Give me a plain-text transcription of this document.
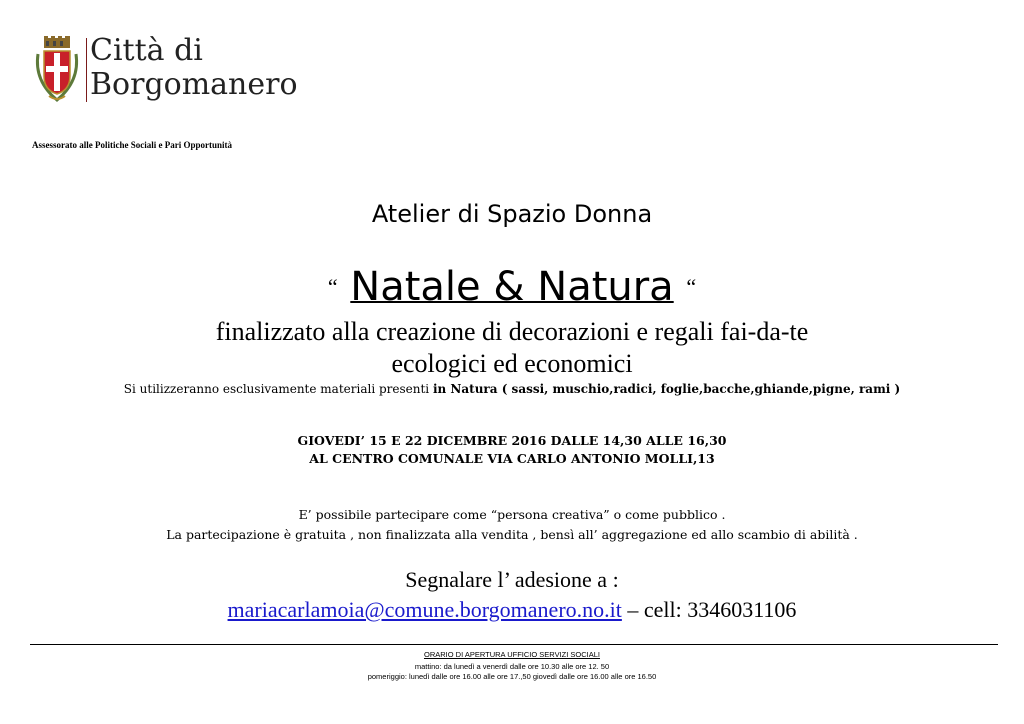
Città di
Borgomanero
Assessorato alle Politiche Sociali e Pari Opportunità
Atelier di Spazio Donna
“ Natale & Natura “
finalizzato alla creazione di decorazioni e regali fai-da-te
ecologici ed economici
Si utilizzeranno esclusivamente materiali presenti in Natura ( sassi, muschio,radici, foglie,bacche,ghiande,pigne, rami )
GIOVEDI’ 15 E 22 DICEMBRE 2016 DALLE 14,30 ALLE 16,30
AL CENTRO COMUNALE VIA CARLO ANTONIO MOLLI,13
E’ possibile partecipare come “persona creativa” o come pubblico .
La partecipazione è gratuita , non finalizzata alla vendita , bensì all’ aggregazione ed allo scambio di abilità .
Segnalare l’ adesione a :
mariacarlamoia@comune.borgomanero.no.it – cell: 3346031106
ORARIO DI APERTURA UFFICIO SERVIZI SOCIALI
mattino: da lunedì a venerdì dalle ore 10.30 alle ore 12. 50
pomeriggio: lunedì dalle ore 16.00 alle ore 17.,50 giovedì dalle ore 16.00 alle ore 16.50
